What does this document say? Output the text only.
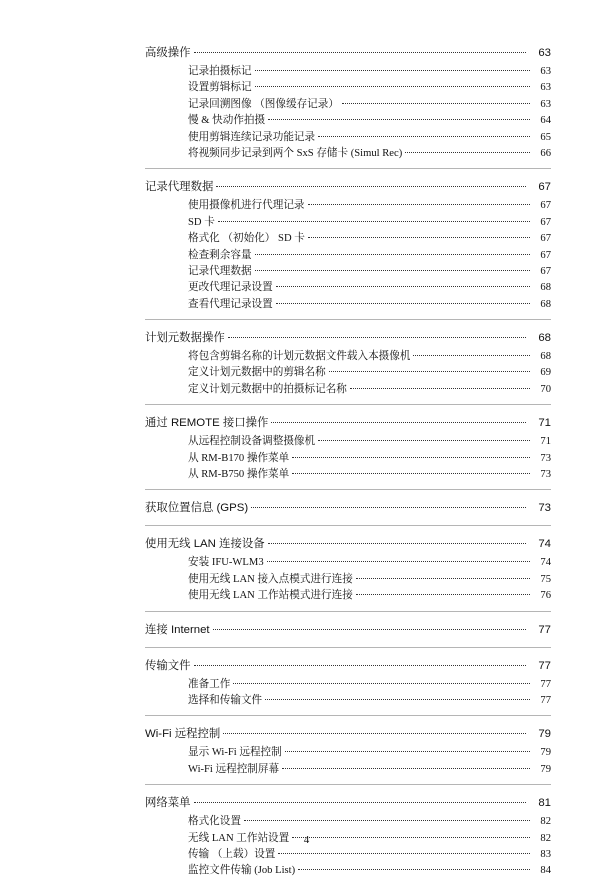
高级操作	63
记录拍摄标记	63
设置剪辑标记	63
记录回溯图像 （图像缓存记录）	63
慢 & 快动作拍摄	64
使用剪辑连续记录功能记录	65
将视频同步记录到两个 SxS 存储卡 (Simul Rec)	66
记录代理数据	67
使用摄像机进行代理记录	67
SD 卡	67
格式化 （初始化） SD 卡	67
检查剩余容量	67
记录代理数据	67
更改代理记录设置	68
查看代理记录设置	68
计划元数据操作	68
将包含剪辑名称的计划元数据文件载入本摄像机	68
定义计划元数据中的剪辑名称	69
定义计划元数据中的拍摄标记名称	70
通过 REMOTE 接口操作	71
从远程控制设备调整摄像机	71
从 RM-B170 操作菜单	73
从 RM-B750 操作菜单	73
获取位置信息 (GPS)	73
使用无线 LAN 连接设备	74
安装 IFU-WLM3	74
使用无线 LAN 接入点模式进行连接	75
使用无线 LAN 工作站模式进行连接	76
连接 Internet	77
传输文件	77
准备工作	77
选择和传输文件	77
Wi-Fi 远程控制	79
显示 Wi-Fi 远程控制	79
Wi-Fi 远程控制屏幕	79
网络菜单	81
格式化设置	82
无线 LAN 工作站设置	82
传输 （上载）设置	83
监控文件传输 (Job List)	84
4
